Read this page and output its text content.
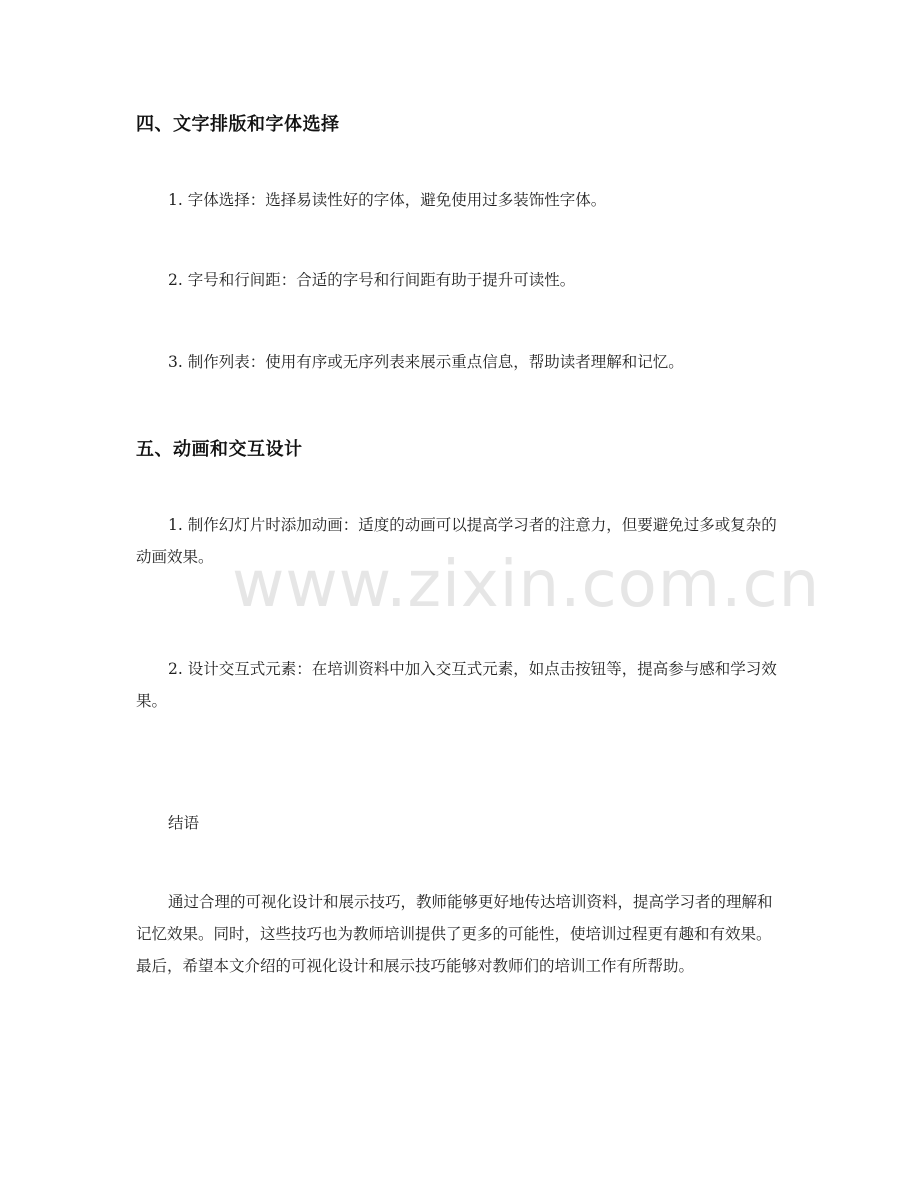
www.zixin.com.cn
四、文字排版和字体选择
1. 字体选择：选择易读性好的字体，避免使用过多装饰性字体。
2. 字号和行间距：合适的字号和行间距有助于提升可读性。
3. 制作列表：使用有序或无序列表来展示重点信息，帮助读者理解和记忆。
五、动画和交互设计
1. 制作幻灯片时添加动画：适度的动画可以提高学习者的注意力，但要避免过多或复杂的动画效果。
2. 设计交互式元素：在培训资料中加入交互式元素，如点击按钮等，提高参与感和学习效果。
结语
通过合理的可视化设计和展示技巧，教师能够更好地传达培训资料，提高学习者的理解和记忆效果。同时，这些技巧也为教师培训提供了更多的可能性，使培训过程更有趣和有效果。最后，希望本文介绍的可视化设计和展示技巧能够对教师们的培训工作有所帮助。
